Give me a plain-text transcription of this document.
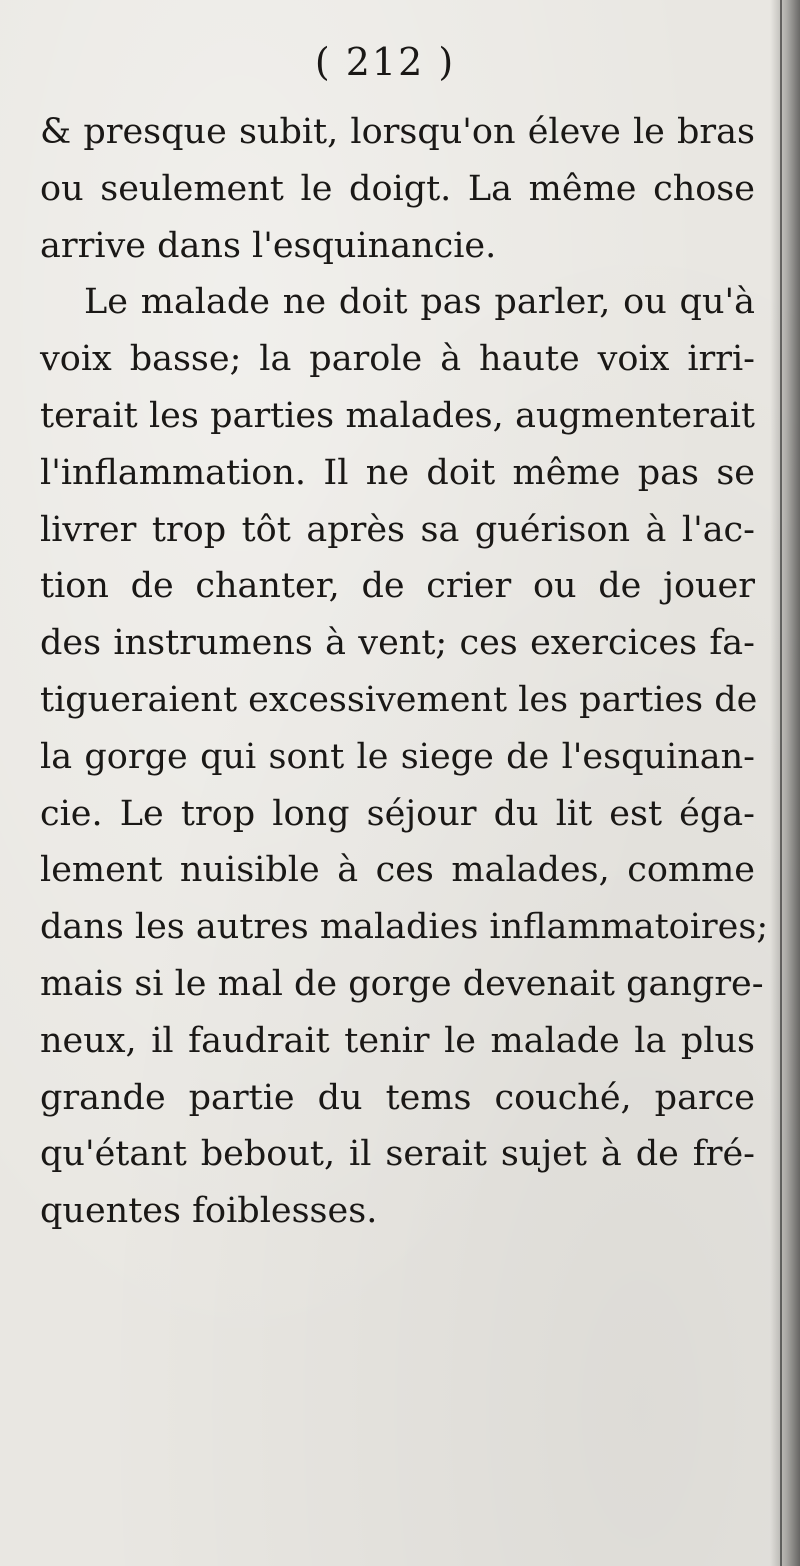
( 212 )
& presque subit, lorsqu'on éleve le bras
ou seulement le doigt. La même chose
arrive dans l'esquinancie.
Le malade ne doit pas parler, ou qu'à
voix basse; la parole à haute voix irri-
terait les parties malades, augmenterait
l'inflammation. Il ne doit même pas se
livrer trop tôt après sa guérison à l'ac-
tion de chanter, de crier ou de jouer
des instrumens à vent; ces exercices fa-
tigueraient excessivement les parties de
la gorge qui sont le siege de l'esquinan-
cie. Le trop long séjour du lit est éga-
lement nuisible à ces malades, comme
dans les autres maladies inflammatoires;
mais si le mal de gorge devenait gangre-
neux, il faudrait tenir le malade la plus
grande partie du tems couché, parce
qu'étant bebout, il serait sujet à de fré-
quentes foiblesses.
